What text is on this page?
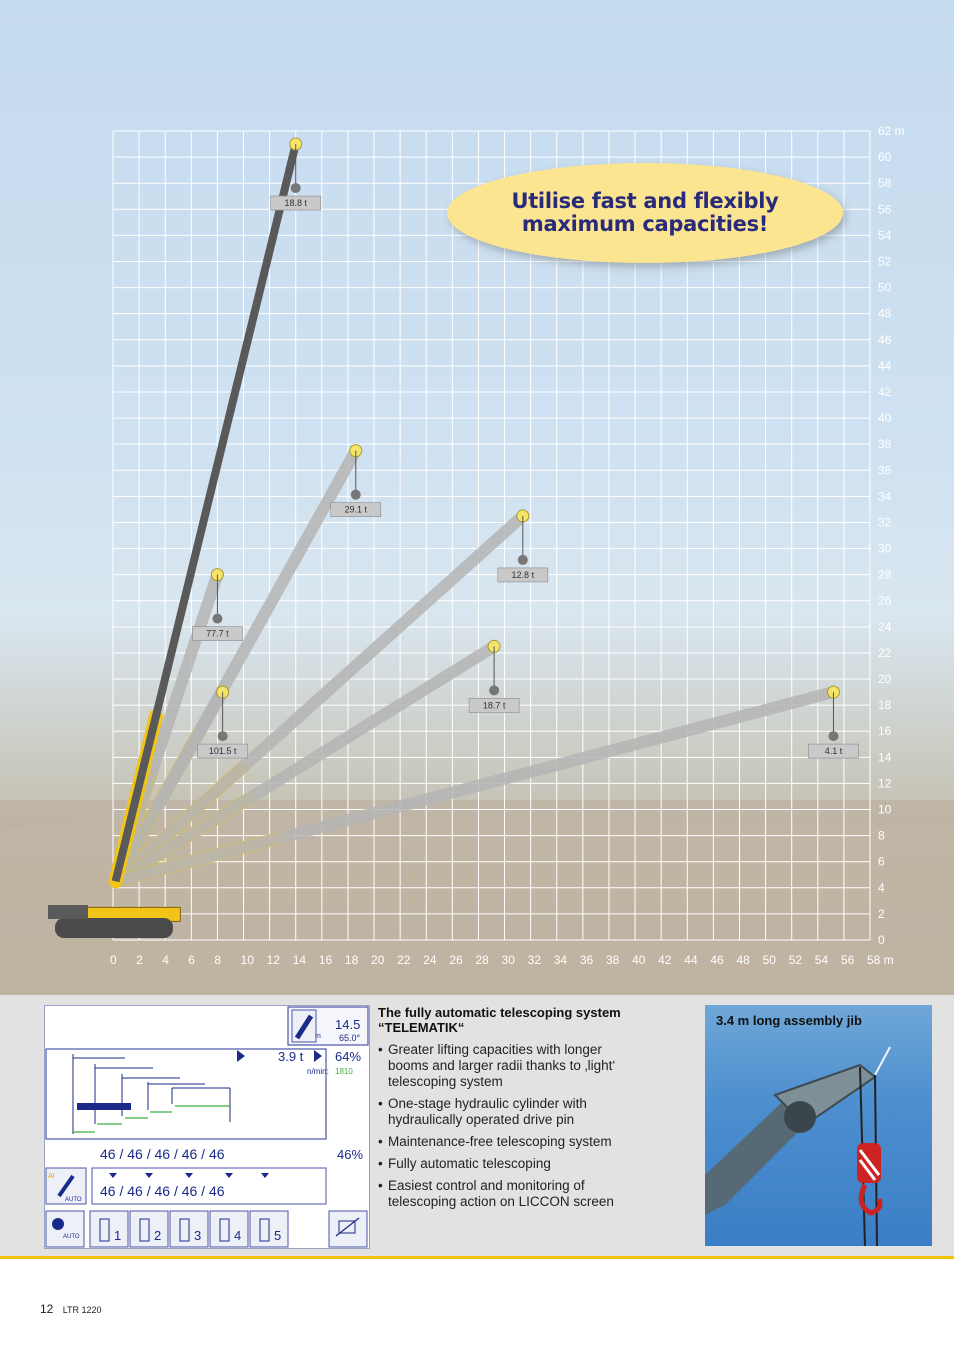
0 2 4 6 8 10 12 14 16 18 20 22 24 26 28 30 32 34 36 38 40 42 44 46 48 50 52 54 56 58 m
0
2
4
6
8
10
12
14
16
18
20
22
24
26
28
30
32
34
36
38
40
42
44
46
48
50
52
54
56
58
60
62 m
29.1 t
12.8 t
77.7 t
18.7 t
101.5 t	4.1 t
18.8 t	Utilise fast and flexibly
maximum capacities!
m
14.5
65.0°
3.9 t 64%
n/min: 1810
46 / 46 / 46 / 46 / 46	46%
AI
AUTO
46 / 46 / 46 / 46 / 46
AUTO	1	2	3	4	5
The fully automatic telescoping system
“TELEMATIK“
• Greater lifting capacities with longer
booms and larger radii thanks to ‚light‘
telescoping system
• One-stage hydraulic cylinder with
hydraulically operated drive pin
• Maintenance-free telescoping system
• Fully automatic telescoping
• Easiest control and monitoring of
telescoping action on LICCON screen
3.4 m long assembly jib
12 LTR 1220
